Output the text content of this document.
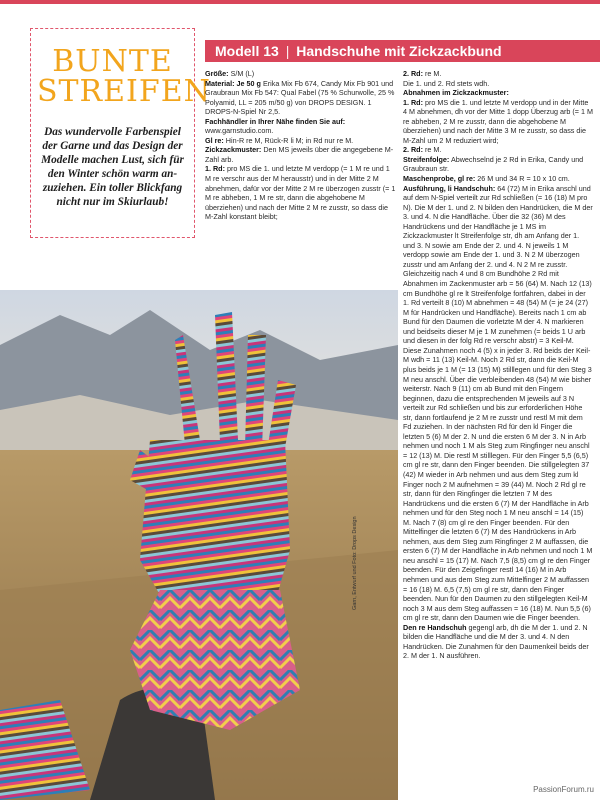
BUNTE
STREIFEN
Das wundervolle Farbenspiel der Garne und das Design der Modelle machen Lust, sich für den Winter schön warm an- zuziehen. Ein toller Blickfang nicht nur im Skiurlaub!
Modell 13 | Handschuhe mit Zickzackbund

Größe: S/M (L)

Material: Je 50 g Erika Mix Fb 674, Candy Mix Fb 901 und Graubraun Mix Fb 547: Qual Fabel (75 % Schurwolle, 25 % Polyamid, LL = 205 m/50 g) von DROPS DESIGN. 1 DROPS-N-Spiel Nr 2,5.

Fachhändler in Ihrer Nähe finden Sie auf:

www.garnstudio.com.

Gl re: Hin-R re M, Rück-R li M; in Rd nur re M.

Zickzackmuster: Den MS jeweils über die angegebene M-Zahl arb.

1. Rd: pro MS die 1. und letzte M verdopp (= 1 M re und 1 M re verschr aus der M herausstr) und in der Mitte 2 M abnehmen, dafür vor der Mitte 2 M re überzogen zusstr (= 1 M re abheben, 1 M re str, dann die abgehobene M überziehen) und nach der Mitte 2 M re zusstr, so dass die M-Zahl konstant bleibt;

2. Rd: re M.

Die 1. und 2. Rd stets wdh.

Abnahmen im Zickzackmuster:

1. Rd: pro MS die 1. und letzte M verdopp und in der Mitte 4 M abnehmen, dh vor der Mitte 1 dopp Überzug arb (= 1 M re abheben, 2 M re zusstr, dann die abgehobene M überziehen) und nach der Mitte 3 M re zusstr, so dass die M-Zahl um 2 M reduziert wird;

2. Rd: re M.

Streifenfolge: Abwechselnd je 2 Rd in Erika, Candy und Graubraun str.

Maschenprobe, gl re: 26 M und 34 R = 10 x 10 cm.

Ausführung, li Handschuh: 64 (72) M in Erika anschl und auf dem N-Spiel verteilt zur Rd schließen (= 16 (18) M pro N). Die M der 1. und 2. N bilden den Handrücken, die M der 3. und 4. N die Handfläche. Über die 32 (36) M des Handrückens und der Handfläche je 1 MS im Zickzackmuster lt Streifenfolge str, dh am Anfang der 1. und 3. N sowie am Ende der 2. und 4. N jeweils 1 M verdopp sowie am Ende der 1. und 3. N 2 M überzogen zusstr und am Anfang der 2. und 4. N 2 M re zusstr. Gleichzeitig nach 4 und 8 cm Bundhöhe 2 Rd mit Abnahmen im Zackenmuster arb = 56 (64) M. Nach 12 (13) cm Bundhöhe gl re lt Streifenfolge fortfahren, dabei in der 1. Rd verteilt 8 (10) M abnehmen = 48 (54) M (= je 24 (27) M für Handrücken und Handfläche). Bereits nach 1 cm ab Bund für den Daumen die vorletzte M der 4. N markieren und beidseits dieser M je 1 M zunehmen (= beids 1 U arb und diesen in der folg Rd re verschr abstr) = 3 Keil-M. Diese Zunahmen noch 4 (5) x in jeder 3. Rd beids der Keil-M wdh = 11 (13) Keil-M. Noch 2 Rd str, dann die Keil-M plus beids je 1 M (= 13 (15) M) stilllegen und für den Steg 3 M neu anschl. Über die verbleibenden 48 (54) M wie bisher weiterstr. Nach 9 (11) cm ab Bund mit den Fingern beginnen, dazu die entsprechenden M jeweils auf 3 N verteilt zur Rd schließen und bis zur erforderlichen Höhe str, dann fortlaufend je 2 M re zusstr und restl M mit dem Fd zuziehen. In der nächsten Rd für den kl Finger die letzten 5 (6) M der 2. N und die ersten 6 M der 3. N in Arb nehmen und noch 1 M als Steg zum Ringfinger neu anschl = 12 (13) M. Die restl M stilllegen. Für den Finger 5,5 (6,5) cm gl re str, dann den Finger beenden. Die stillgelegten 37 (42) M wieder in Arb nehmen und aus dem Steg zum kl Finger noch 2 M aufnehmen = 39 (44) M. Noch 2 Rd gl re str, dann für den Ringfinger die letzten 7 M des Handrückens und die ersten 6 (7) M der Handfläche in Arb nehmen und für den Steg noch 1 M neu anschl = 14 (15) M. Nach 7 (8) cm gl re den Finger beenden. Für den Mittelfinger die letzten 6 (7) M des Handrückens in Arb nehmen, aus dem Steg zum Ringfinger 2 M auffassen, die ersten 6 (7) M der Handfläche in Arb nehmen und noch 1 M neu anschl = 15 (17) M. Nach 7,5 (8,5) cm gl re den Finger beenden. Für den Zeigefinger restl 14 (16) M in Arb nehmen und aus dem Steg zum Mittelfinger 2 M auffassen = 16 (18) M. 6,5 (7,5) cm gl re str, dann den Finger beenden. Nun für den Daumen zu den stillgelegten Keil-M noch 3 M aus dem Steg auffassen = 16 (18) M. Nun 5,5 (6) cm gl re str, dann den Daumen wie die Finger beenden.

Den re Handschuh gegengl arb, dh die M der 1. und 2. N bilden die Handfläche und die M der 3. und 4. N den Handrücken. Die Zunahmen für den Daumenkeil beids der 2. M der 1. N ausführen.

Garn, Entwurf und Foto: Drops Design
PassionForum.ru
